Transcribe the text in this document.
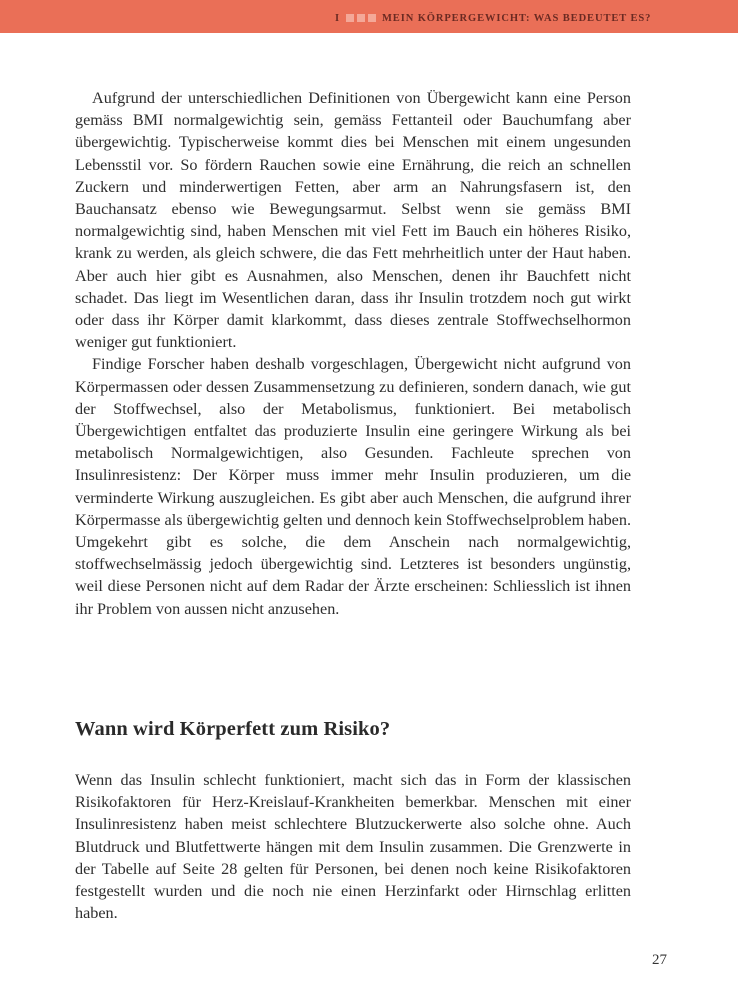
I	MEIN KÖRPERGEWICHT: WAS BEDEUTET ES?

Aufgrund der unterschiedlichen Definitionen von Übergewicht kann eine Person gemäss BMI normalgewichtig sein, gemäss Fettanteil oder Bauchumfang aber übergewichtig. Typischerweise kommt dies bei Menschen mit einem ungesunden Lebensstil vor. So fördern Rauchen sowie eine Ernährung, die reich an schnellen Zuckern und minderwertigen Fetten, aber arm an Nahrungsfasern ist, den Bauchansatz ebenso wie Bewegungsarmut. Selbst wenn sie gemäss BMI normalgewichtig sind, haben Menschen mit viel Fett im Bauch ein höheres Risiko, krank zu werden, als gleich schwere, die das Fett mehrheitlich unter der Haut haben. Aber auch hier gibt es Ausnahmen, also Menschen, denen ihr Bauchfett nicht schadet. Das liegt im Wesentlichen daran, dass ihr Insulin trotzdem noch gut wirkt oder dass ihr Körper damit klarkommt, dass dieses zentrale Stoffwechselhormon weniger gut funktioniert.

Findige Forscher haben deshalb vorgeschlagen, Übergewicht nicht aufgrund von Körpermassen oder dessen Zusammensetzung zu definieren, sondern danach, wie gut der Stoffwechsel, also der Metabolismus, funktioniert. Bei metabolisch Übergewichtigen entfaltet das produzierte Insulin eine geringere Wirkung als bei metabolisch Normalgewichtigen, also Gesunden. Fachleute sprechen von Insulinresistenz: Der Körper muss immer mehr Insulin produzieren, um die verminderte Wirkung auszugleichen. Es gibt aber auch Menschen, die aufgrund ihrer Körpermasse als übergewichtig gelten und dennoch kein Stoffwechselproblem haben. Umgekehrt gibt es solche, die dem Anschein nach normalgewichtig, stoffwechselmässig jedoch übergewichtig sind. Letzteres ist besonders ungünstig, weil diese Personen nicht auf dem Radar der Ärzte erscheinen: Schliesslich ist ihnen ihr Problem von aussen nicht anzusehen.

Wann wird Körperfett zum Risiko?

Wenn das Insulin schlecht funktioniert, macht sich das in Form der klassischen Risikofaktoren für Herz-Kreislauf-Krankheiten bemerkbar. Menschen mit einer Insulinresistenz haben meist schlechtere Blutzuckerwerte also solche ohne. Auch Blutdruck und Blutfettwerte hängen mit dem Insulin zusammen. Die Grenzwerte in der Tabelle auf Seite 28 gelten für Personen, bei denen noch keine Risikofaktoren festgestellt wurden und die noch nie einen Herzinfarkt oder Hirnschlag erlitten haben.

27
